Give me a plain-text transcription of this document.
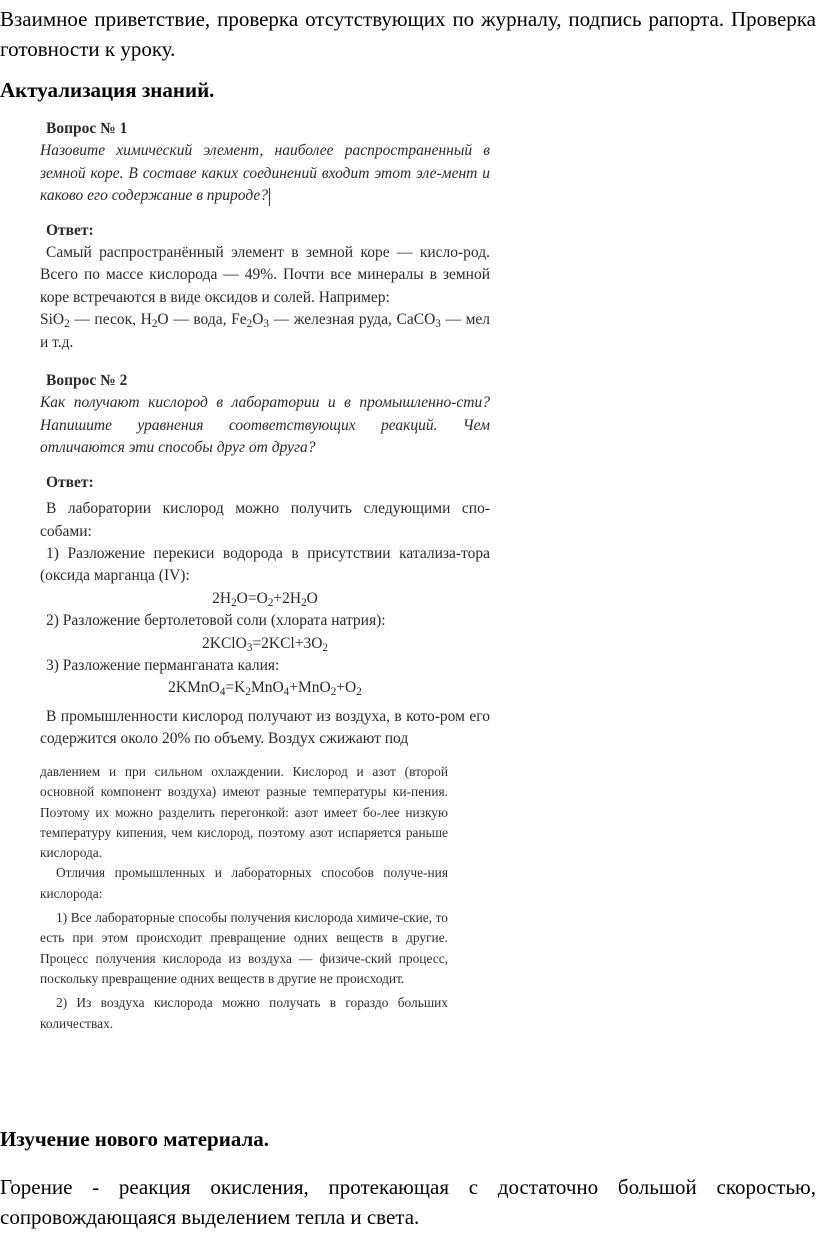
Взаимное приветствие, проверка отсутствующих по журналу, подпись рапорта. Проверка готовности к уроку.

Актуализация знаний.

Вопрос № 1

Назовите химический элемент, наиболее распространенный в земной коре. В составе каких соединений входит этот эле-мент и каково его содержание в природе?

Ответ:

Самый распространённый элемент в земной коре — кисло-род. Всего по массе кислорода — 49%. Почти все минералы в земной коре встречаются в виде оксидов и солей. Например:

SiO$_2$ — песок, $H_2O$ — вода, $Fe_2O_3$ — железная руда, CaCO$_3$ — мел и т.д.

Вопрос № 2

Как получают кислород в лаборатории и в промышленно-сти? Напишите уравнения соответствующих реакций. Чем отличаются эти способы друг от друга?

Ответ:

В лаборатории кислород можно получить следующими спо-собами:

1) Разложение перекиси водорода в присутствии катализа-тора (оксида марганца (IV):

$2H_2O=O_2+2H_2O$

2) Разложение бертолетовой соли (хлората натрия):

$2KClO_3=2KCl+3O_2$

3) Разложение перманганата калия:

$2KMnO_4=K_2MnO_4+MnO_2+O_2$

В промышленности кислород получают из воздуха, в кото-ром его содержится около 20% по объему. Воздух сжижают под

давлением и при сильном охлаждении. Кислород и азот (второй основной компонент воздуха) имеют разные температуры ки-пения. Поэтому их можно разделить перегонкой: азот имеет бо-лее низкую температуру кипения, чем кислород, поэтому азот испаряется раньше кислорода.

Отличия промышленных и лабораторных способов получе-ния кислорода:

1) Все лабораторные способы получения кислорода химиче-ские, то есть при этом происходит превращение одних веществ в другие. Процесс получения кислорода из воздуха — физиче-ский процесс, поскольку превращение одних веществ в другие не происходит.

2) Из воздуха кислорода можно получать в гораздо больших количествах.

Изучение нового материала.

Горение - реакция окисления, протекающая с достаточно большой скоростью, сопровождающаяся выделением тепла и света.
